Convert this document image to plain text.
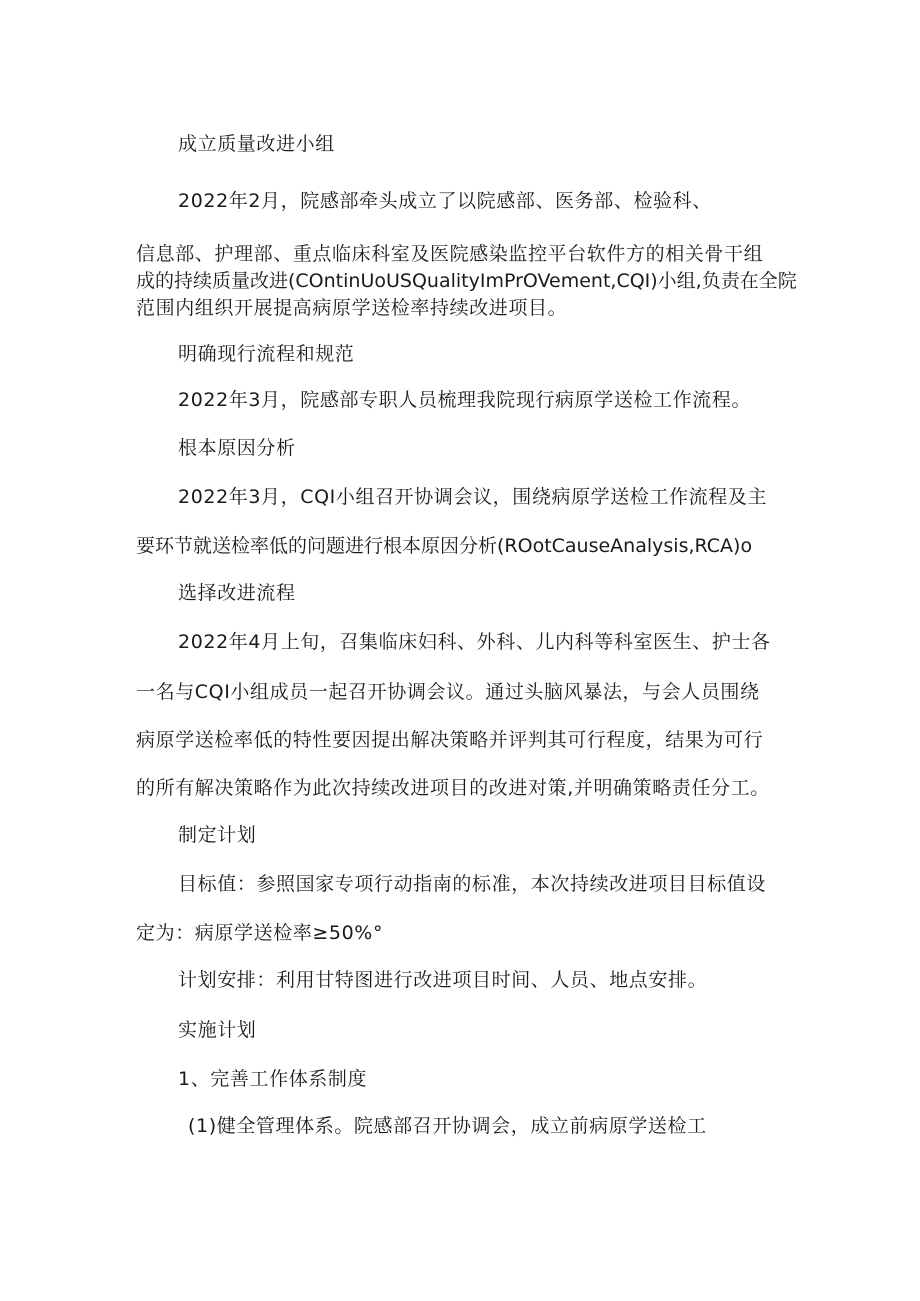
成立质量改进小组
2022年2月，院感部牵头成立了以院感部、医务部、检验科、
信息部、护理部、重点临床科室及医院感染监控平台软件方的相关骨干组
成的持续质量改进(COntinUoUSQualityImPrOVement,CQI)小组,负责在全院
范围内组织开展提高病原学送检率持续改进项目。
明确现行流程和规范
2022年3月，院感部专职人员梳理我院现行病原学送检工作流程。
根本原因分析
2022年3月，CQI小组召开协调会议，围绕病原学送检工作流程及主
要环节就送检率低的问题进行根本原因分析(ROotCauseAnalysis,RCA)o
选择改进流程
2022年4月上旬，召集临床妇科、外科、儿内科等科室医生、护士各
一名与CQI小组成员一起召开协调会议。通过头脑风暴法，与会人员围绕
病原学送检率低的特性要因提出解决策略并评判其可行程度，结果为可行
的所有解决策略作为此次持续改进项目的改进对策,并明确策略责任分工。
制定计划
目标值：参照国家专项行动指南的标准，本次持续改进项目目标值设
定为：病原学送检率≥50%°
计划安排：利用甘特图进行改进项目时间、人员、地点安排。
实施计划
1、完善工作体系制度
(1)健全管理体系。院感部召开协调会，成立前病原学送检工
